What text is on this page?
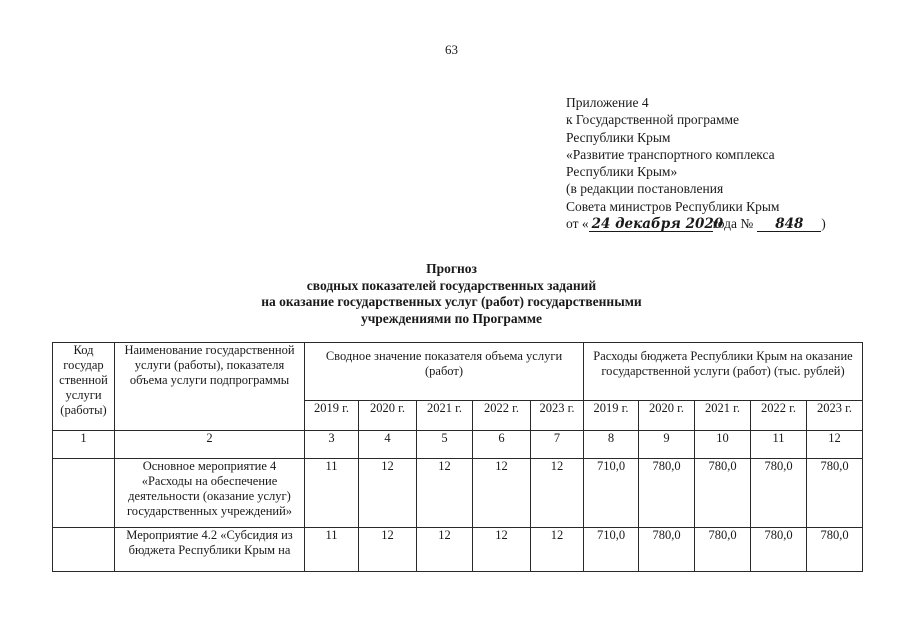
63
Приложение 4
к Государственной программе
Республики Крым
«Развитие транспортного комплекса
Республики Крым»
(в редакции постановления
Совета министров Республики Крым
от « 24 декабря 2020года № 848 )
Прогноз
сводных показателей государственных заданий
на оказание государственных услуг (работ) государственными
учреждениями по Программе
Код государ ственной услуги (работы)	Наименование государственной услуги (работы), показателя объема услуги подпрограммы	Сводное значение показателя объема услуги (работ)					Расходы бюджета Республики Крым на оказание государственной услуги (работ) (тыс. рублей)				
		2019 г.	2020 г.	2021 г.	2022 г.	2023 г.	2019 г.	2020 г.	2021 г.	2022 г.	2023 г.
1	2	3	4	5	6	7	8	9	10	11	12
	Основное мероприятие 4 «Расходы на обеспечение деятельности (оказание услуг) государственных учреждений»	11	12	12	12	12	710,0	780,0	780,0	780,0	780,0
	Мероприятие 4.2 «Субсидия из бюджета Республики Крым на	11	12	12	12	12	710,0	780,0	780,0	780,0	780,0
